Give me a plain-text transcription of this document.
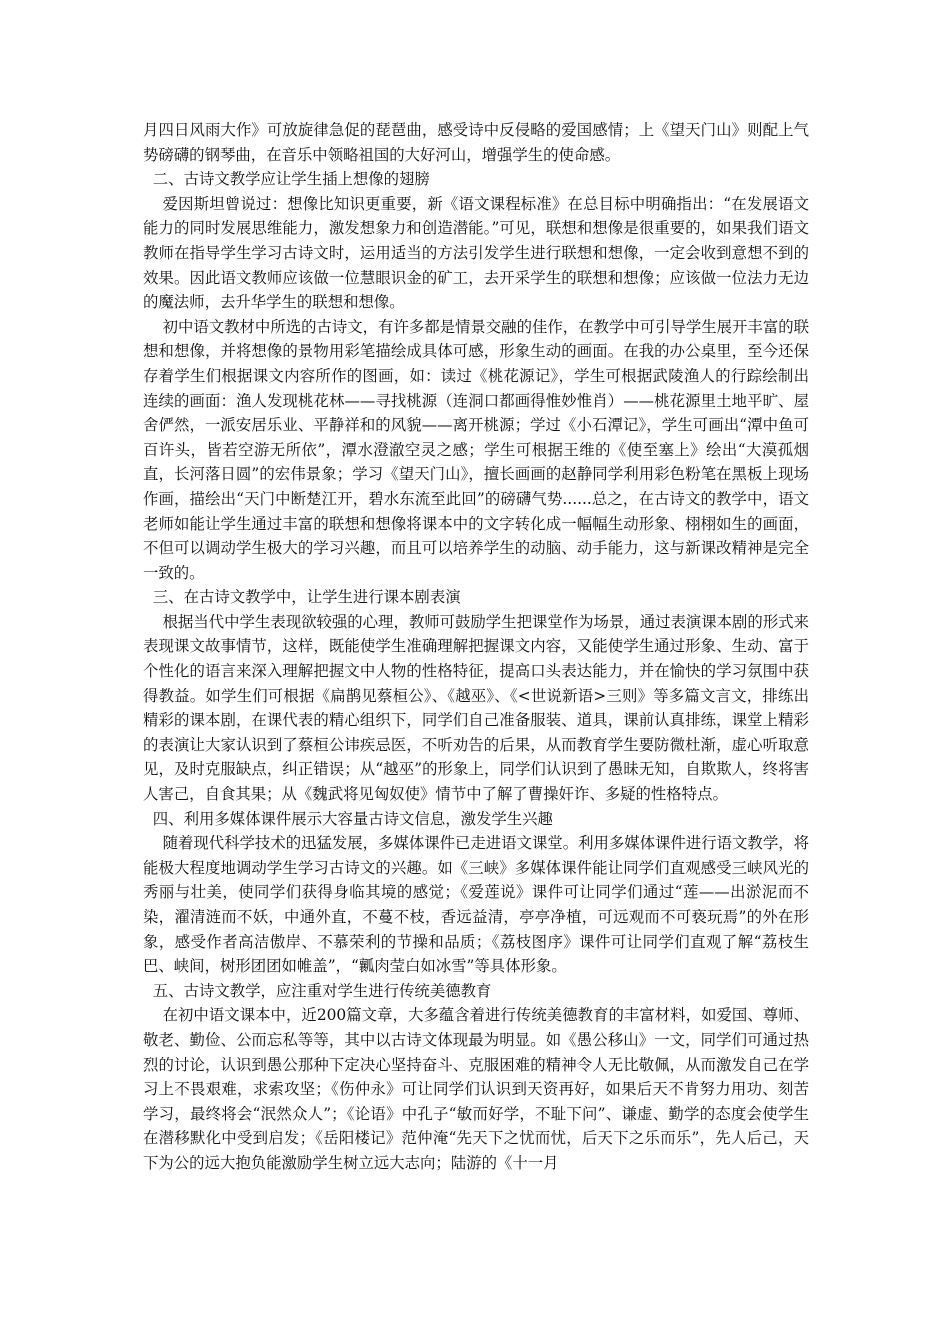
月四日风雨大作》可放旋律急促的琵琶曲，感受诗中反侵略的爱国感情；上《望天门山》则配上气势磅礴的钢琴曲，在音乐中领略祖国的大好河山，增强学生的使命感。

二、古诗文教学应让学生插上想像的翅膀

爱因斯坦曾说过：想像比知识更重要，新《语文课程标准》在总目标中明确指出：“在发展语文能力的同时发展思维能力，激发想象力和创造潜能。”可见，联想和想像是很重要的，如果我们语文教师在指导学生学习古诗文时，运用适当的方法引发学生进行联想和想像，一定会收到意想不到的效果。因此语文教师应该做一位慧眼识金的矿工，去开采学生的联想和想像；应该做一位法力无边的魔法师，去升华学生的联想和想像。

初中语文教材中所选的古诗文，有许多都是情景交融的佳作，在教学中可引导学生展开丰富的联想和想像，并将想像的景物用彩笔描绘成具体可感，形象生动的画面。在我的办公桌里，至今还保存着学生们根据课文内容所作的图画，如：读过《桃花源记》，学生可根据武陵渔人的行踪绘制出连续的画面：渔人发现桃花林——寻找桃源（连洞口都画得惟妙惟肖）——桃花源里土地平旷、屋舍俨然，一派安居乐业、平静祥和的风貌——离开桃源；学过《小石潭记》，学生可画出“潭中鱼可百许头，皆若空游无所依”，潭水澄澈空灵之感；学生可根据王维的《使至塞上》绘出“大漠孤烟直，长河落日圆”的宏伟景象；学习《望天门山》，擅长画画的赵静同学利用彩色粉笔在黑板上现场作画，描绘出“天门中断楚江开，碧水东流至此回”的磅礴气势......总之，在古诗文的教学中，语文老师如能让学生通过丰富的联想和想像将课本中的文字转化成一幅幅生动形象、栩栩如生的画面，不但可以调动学生极大的学习兴趣，而且可以培养学生的动脑、动手能力，这与新课改精神是完全一致的。

三、在古诗文教学中，让学生进行课本剧表演

根据当代中学生表现欲较强的心理，教师可鼓励学生把课堂作为场景，通过表演课本剧的形式来表现课文故事情节，这样，既能使学生准确理解把握课文内容，又能使学生通过形象、生动、富于个性化的语言来深入理解把握文中人物的性格特征，提高口头表达能力，并在愉快的学习氛围中获得教益。如学生们可根据《扁鹊见蔡桓公》、《越巫》、《<世说新语>三则》等多篇文言文，排练出精彩的课本剧，在课代表的精心组织下，同学们自己准备服装、道具，课前认真排练，课堂上精彩的表演让大家认识到了蔡桓公讳疾忌医，不听劝告的后果，从而教育学生要防微杜渐，虚心听取意见，及时克服缺点，纠正错误；从“越巫”的形象上，同学们认识到了愚昧无知，自欺欺人，终将害人害己，自食其果；从《魏武将见匈奴使》情节中了解了曹操奸诈、多疑的性格特点。

四、利用多媒体课件展示大容量古诗文信息，激发学生兴趣

随着现代科学技术的迅猛发展，多媒体课件已走进语文课堂。利用多媒体课件进行语文教学，将能极大程度地调动学生学习古诗文的兴趣。如《三峡》多媒体课件能让同学们直观感受三峡风光的秀丽与壮美，使同学们获得身临其境的感觉；《爱莲说》课件可让同学们通过“莲——出淤泥而不染，濯清涟而不妖，中通外直，不蔓不枝，香远益清，亭亭净植，可远观而不可亵玩焉”的外在形象，感受作者高洁傲岸、不慕荣利的节操和品质；《荔枝图序》课件可让同学们直观了解“荔枝生巴、峡间，树形团团如帷盖”，“瓤肉莹白如冰雪”等具体形象。

五、古诗文教学，应注重对学生进行传统美德教育

在初中语文课本中，近200篇文章，大多蕴含着进行传统美德教育的丰富材料，如爱国、尊师、敬老、勤俭、公而忘私等等，其中以古诗文体现最为明显。如《愚公移山》一文，同学们可通过热烈的讨论，认识到愚公那种下定决心坚持奋斗、克服困难的精神令人无比敬佩，从而激发自己在学习上不畏艰难，求索攻坚；《伤仲永》可让同学们认识到天资再好，如果后天不肯努力用功、刻苦学习，最终将会“泯然众人”；《论语》中孔子“敏而好学，不耻下问”、谦虚、勤学的态度会使学生在潜移默化中受到启发；《岳阳楼记》范仲淹“先天下之忧而忧，后天下之乐而乐”，先人后己，天下为公的远大抱负能激励学生树立远大志向；陆游的《十一月
